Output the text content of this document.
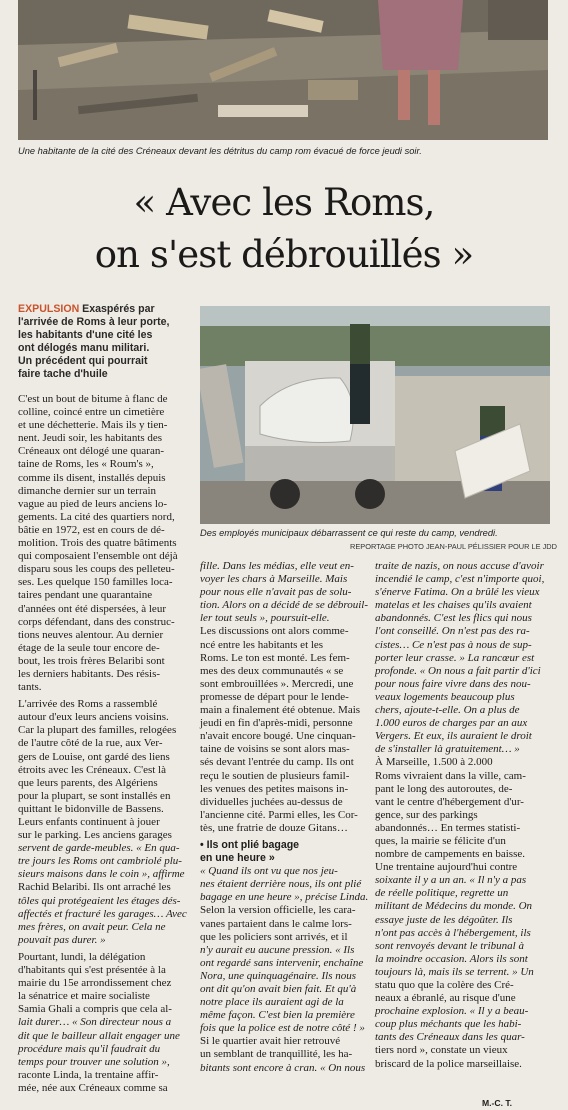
Une habitante de la cité des Créneaux devant les détritus du camp rom évacué de force jeudi soir.
« Avec les Roms,
on s'est débrouillés »
EXPULSION Exaspérés par
l'arrivée de Roms à leur porte,
les habitants d'une cité les
ont délogés manu militari.
Un précédent qui pourrait
faire tache d'huile
Des employés municipaux débarrassent ce qui reste du camp, vendredi.
REPORTAGE PHOTO JEAN-PAUL PÉLISSIER POUR LE JDD
C'est un bout de bitume à flanc de
colline, coincé entre un cimetière
et une déchetterie. Mais ils y tien-
nent. Jeudi soir, les habitants des
Créneaux ont délogé une quaran-
taine de Roms, les « Roum's »,
comme ils disent, installés depuis
dimanche dernier sur un terrain
vague au pied de leurs anciens lo-
gements. La cité des quartiers nord,
bâtie en 1972, est en cours de dé-
molition. Trois des quatre bâtiments
qui composaient l'ensemble ont déjà
disparu sous les coups des pelleteu-
ses. Les quelque 150 familles loca-
taires pendant une quarantaine
d'années ont été dispersées, à leur
corps défendant, dans des construc-
tions neuves alentour. Au dernier
étage de la seule tour encore de-
bout, les trois frères Belaribi sont
les derniers habitants. Des résis-
tants.
L'arrivée des Roms a rassemblé
autour d'eux leurs anciens voisins.
Car la plupart des familles, relogées
de l'autre côté de la rue, aux Ver-
gers de Louise, ont gardé des liens
étroits avec les Créneaux. C'est là
que leurs parents, des Algériens
pour la plupart, se sont installés en
quittant le bidonville de Bassens.
Leurs enfants continuent à jouer
sur le parking. Les anciens garages
servent de garde-meubles. « En qua-
tre jours les Roms ont cambriolé plu-
sieurs maisons dans le coin », affirme
Rachid Belaribi. Ils ont arraché les
tôles qui protégeaient les étages dés-
affectés et fracturé les garages… Avec
mes frères, on avait peur. Cela ne
pouvait pas durer. »
Pourtant, lundi, la délégation
d'habitants qui s'est présentée à la
mairie du 15e arrondissement chez
la sénatrice et maire socialiste
Samia Ghali a compris que cela al-
lait durer… « Son directeur nous a
dit que le bailleur allait engager une
procédure mais qu'il faudrait du
temps pour trouver une solution »,
raconte Linda, la trentaine affir-
mée, née aux Créneaux comme sa
fille. Dans les médias, elle veut en-
voyer les chars à Marseille. Mais
pour nous elle n'avait pas de solu-
tion. Alors on a décidé de se débrouil-
ler tout seuls », poursuit-elle.
Les discussions ont alors comme-
ncé entre les habitants et les
Roms. Le ton est monté. Les fem-
mes des deux communautés « se
sont embrouillées ». Mercredi, une
promesse de départ pour le lende-
main a finalement été obtenue. Mais
jeudi en fin d'après-midi, personne
n'avait encore bougé. Une cinquan-
taine de voisins se sont alors mas-
sés devant l'entrée du camp. Ils ont
reçu le soutien de plusieurs famil-
les venues des petites maisons in-
dividuelles juchées au-dessus de
l'ancienne cité. Parmi elles, les Cor-
tès, une fratrie de douze Gitans…
• Ils ont plié bagage
en une heure »
« Quand ils ont vu que nos jeu-
nes étaient derrière nous, ils ont plié
bagage en une heure », précise Linda.
Selon la version officielle, les cara-
vanes partaient dans le calme lors-
que les policiers sont arrivés, et il
n'y aurait eu aucune pression. « Ils
ont regardé sans intervenir, enchaîne
Nora, une quinquagénaire. Ils nous
ont dit qu'on avait bien fait. Et qu'à
notre place ils auraient agi de la
même façon. C'est bien la première
fois que la police est de notre côté ! »
Si le quartier avait hier retrouvé
un semblant de tranquillité, les ha-
bitants sont encore à cran. « On nous
traite de nazis, on nous accuse d'avoir
incendié le camp, c'est n'importe quoi,
s'énerve Fatima. On a brûlé les vieux
matelas et les chaises qu'ils avaient
abandonnés. C'est les flics qui nous
l'ont conseillé. On n'est pas des ra-
cistes… Ce n'est pas à nous de sup-
porter leur crasse. » La rancœur est
profonde. « On nous a fait partir d'ici
pour nous faire vivre dans des nou-
veaux logements beaucoup plus
chers, ajoute-t-elle. On a plus de
1.000 euros de charges par an aux
Vergers. Et eux, ils auraient le droit
de s'installer là gratuitement… »
À Marseille, 1.500 à 2.000
Roms vivraient dans la ville, cam-
pant le long des autoroutes, de-
vant le centre d'hébergement d'ur-
gence, sur des parkings
abandonnés… En termes statisti-
ques, la mairie se félicite d'un
nombre de campements en baisse.
Une trentaine aujourd'hui contre
soixante il y a un an. « Il n'y a pas
de réelle politique, regrette un
militant de Médecins du monde. On
essaye juste de les dégoûter. Ils
n'ont pas accès à l'hébergement, ils
sont renvoyés devant le tribunal à
la moindre occasion. Alors ils sont
toujours là, mais ils se terrent. » Un
statu quo que la colère des Cré-
neaux a ébranlé, au risque d'une
prochaine explosion. « Il y a beau-
coup plus méchants que les habi-
tants des Créneaux dans les quar-
tiers nord », constate un vieux
briscard de la police marseillaise.
M.-C. T.
